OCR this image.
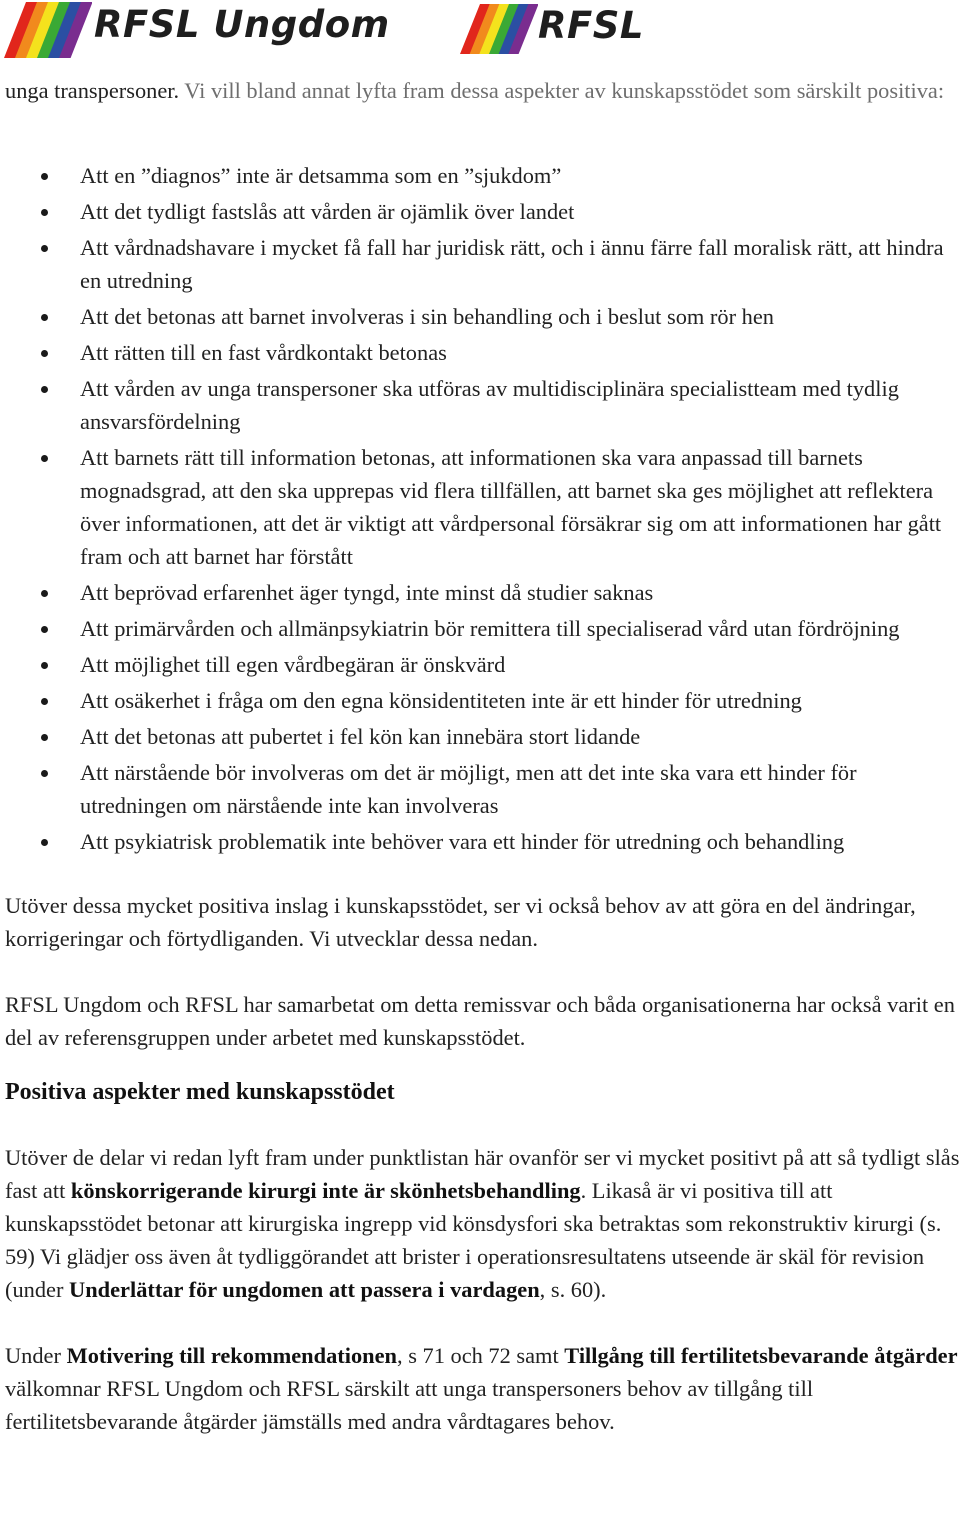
RFSL Ungdom	RFSL

unga transpersoner. Vi vill bland annat lyfta fram dessa aspekter av kunskapsstödet som särskilt positiva:

Att en ”diagnos” inte är detsamma som en ”sjukdom”
Att det tydligt fastslås att vården är ojämlik över landet
Att vårdnadshavare i mycket få fall har juridisk rätt, och i ännu färre fall moralisk rätt, att hindra en utredning
Att det betonas att barnet involveras i sin behandling och i beslut som rör hen
Att rätten till en fast vårdkontakt betonas
Att vården av unga transpersoner ska utföras av multidisciplinära specialistteam med tydlig ansvarsfördelning
Att barnets rätt till information betonas, att informationen ska vara anpassad till barnets mognadsgrad, att den ska upprepas vid flera tillfällen, att barnet ska ges möjlighet att reflektera över informationen, att det är viktigt att vårdpersonal försäkrar sig om att informationen har gått fram och att barnet har förstått
Att beprövad erfarenhet äger tyngd, inte minst då studier saknas
Att primärvården och allmänpsykiatrin bör remittera till specialiserad vård utan fördröjning
Att möjlighet till egen vårdbegäran är önskvärd
Att osäkerhet i fråga om den egna könsidentiteten inte är ett hinder för utredning
Att det betonas att pubertet i fel kön kan innebära stort lidande
Att närstående bör involveras om det är möjligt, men att det inte ska vara ett hinder för utredningen om närstående inte kan involveras
Att psykiatrisk problematik inte behöver vara ett hinder för utredning och behandling

Utöver dessa mycket positiva inslag i kunskapsstödet, ser vi också behov av att göra en del ändringar, korrigeringar och förtydliganden. Vi utvecklar dessa nedan.

RFSL Ungdom och RFSL har samarbetat om detta remissvar och båda organisationerna har också varit en del av referensgruppen under arbetet med kunskapsstödet.

Positiva aspekter med kunskapsstödet

Utöver de delar vi redan lyft fram under punktlistan här ovanför ser vi mycket positivt på att så tydligt slås fast att könskorrigerande kirurgi inte är skönhetsbehandling. Likaså är vi positiva till att kunskapsstödet betonar att kirurgiska ingrepp vid könsdysfori ska betraktas som rekonstruktiv kirurgi (s. 59) Vi glädjer oss även åt tydliggörandet att brister i operationsresultatens utseende är skäl för revision (under Underlättar för ungdomen att passera i vardagen, s. 60).

Under Motivering till rekommendationen, s 71 och 72 samt Tillgång till fertilitetsbevarande åtgärder välkomnar RFSL Ungdom och RFSL särskilt att unga transpersoners behov av tillgång till fertilitetsbevarande åtgärder jämställs med andra vårdtagares behov.
